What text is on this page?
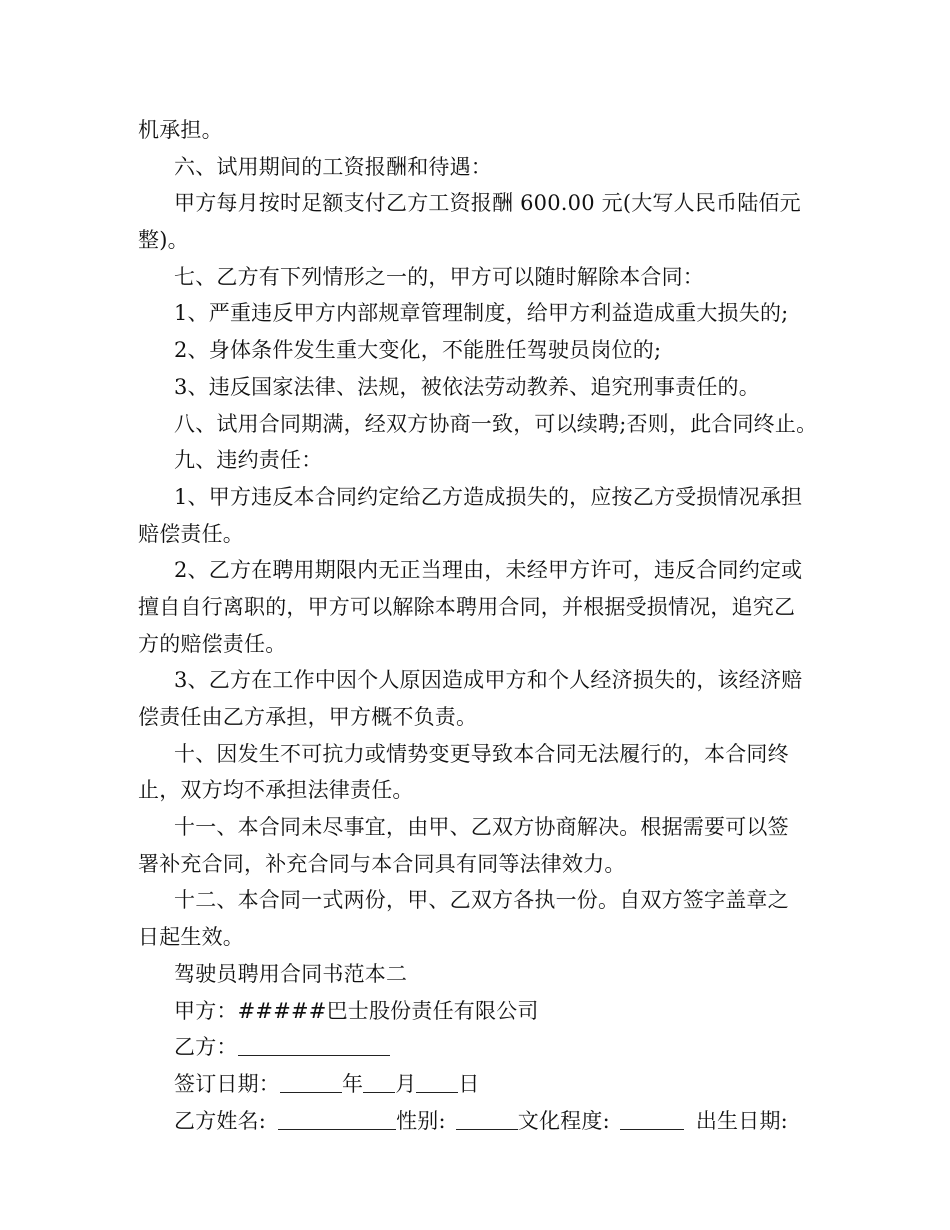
机承担。
六、试用期间的工资报酬和待遇：
甲方每月按时足额支付乙方工资报酬 600.00 元(大写人民币陆佰元
整)。
七、乙方有下列情形之一的，甲方可以随时解除本合同：
1、严重违反甲方内部规章管理制度，给甲方利益造成重大损失的;
2、身体条件发生重大变化，不能胜任驾驶员岗位的;
3、违反国家法律、法规，被依法劳动教养、追究刑事责任的。
八、试用合同期满，经双方协商一致，可以续聘;否则，此合同终止。
九、违约责任：
1、甲方违反本合同约定给乙方造成损失的，应按乙方受损情况承担
赔偿责任。
2、乙方在聘用期限内无正当理由，未经甲方许可，违反合同约定或
擅自自行离职的，甲方可以解除本聘用合同，并根据受损情况，追究乙
方的赔偿责任。
3、乙方在工作中因个人原因造成甲方和个人经济损失的，该经济赔
偿责任由乙方承担，甲方概不负责。
十、因发生不可抗力或情势变更导致本合同无法履行的，本合同终
止，双方均不承担法律责任。
十一、本合同未尽事宜，由甲、乙双方协商解决。根据需要可以签
署补充合同，补充合同与本合同具有同等法律效力。
十二、本合同一式两份，甲、乙双方各执一份。自双方签字盖章之
日起生效。
驾驶员聘用合同书范本二
甲方：#####巴士股份责任有限公司
乙方：
签订日期：	年 月 日
乙方姓名:	性别:	文化程度:	出生日期:
